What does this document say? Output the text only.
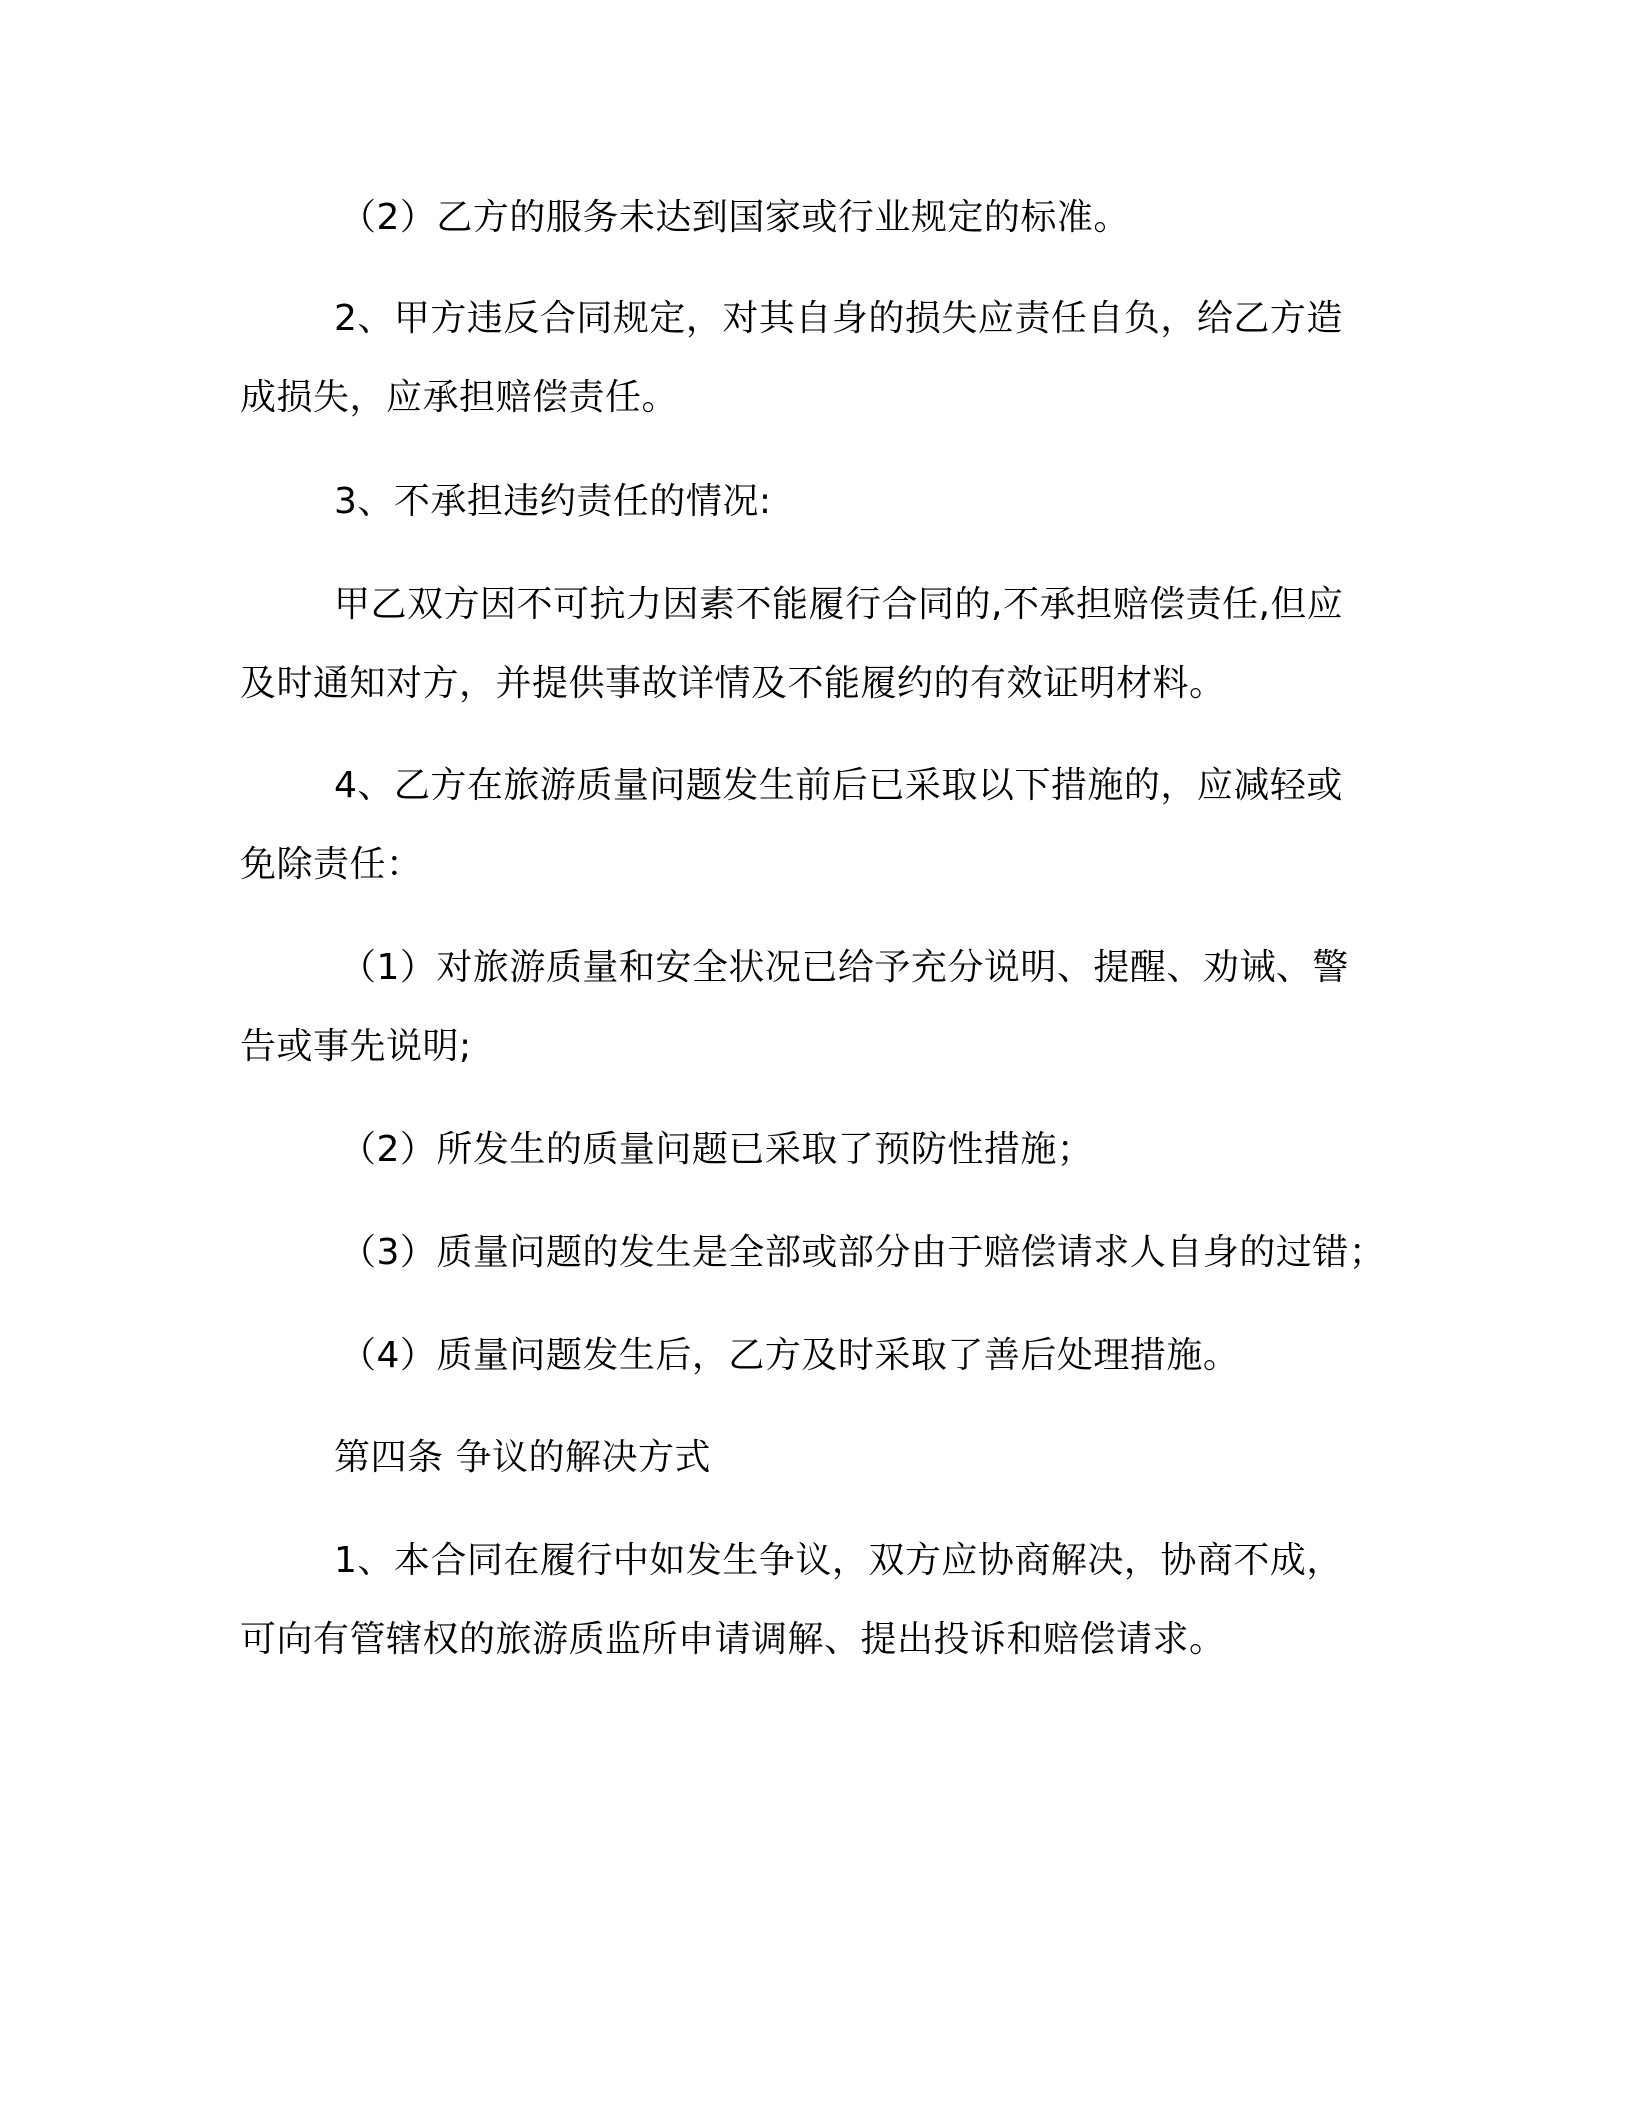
（2）乙方的服务未达到国家或行业规定的标准。
2、甲方违反合同规定，对其自身的损失应责任自负，给乙方造
成损失，应承担赔偿责任。
3、不承担违约责任的情况:
甲乙双方因不可抗力因素不能履行合同的,不承担赔偿责任,但应
及时通知对方，并提供事故详情及不能履约的有效证明材料。
4、乙方在旅游质量问题发生前后已采取以下措施的，应减轻或
免除责任：
（1）对旅游质量和安全状况已给予充分说明、提醒、劝诫、警
告或事先说明;
（2）所发生的质量问题已采取了预防性措施；
（3）质量问题的发生是全部或部分由于赔偿请求人自身的过错；
（4）质量问题发生后，乙方及时采取了善后处理措施。
第四条 争议的解决方式
1、本合同在履行中如发生争议，双方应协商解决，协商不成，
可向有管辖权的旅游质监所申请调解、提出投诉和赔偿请求。
